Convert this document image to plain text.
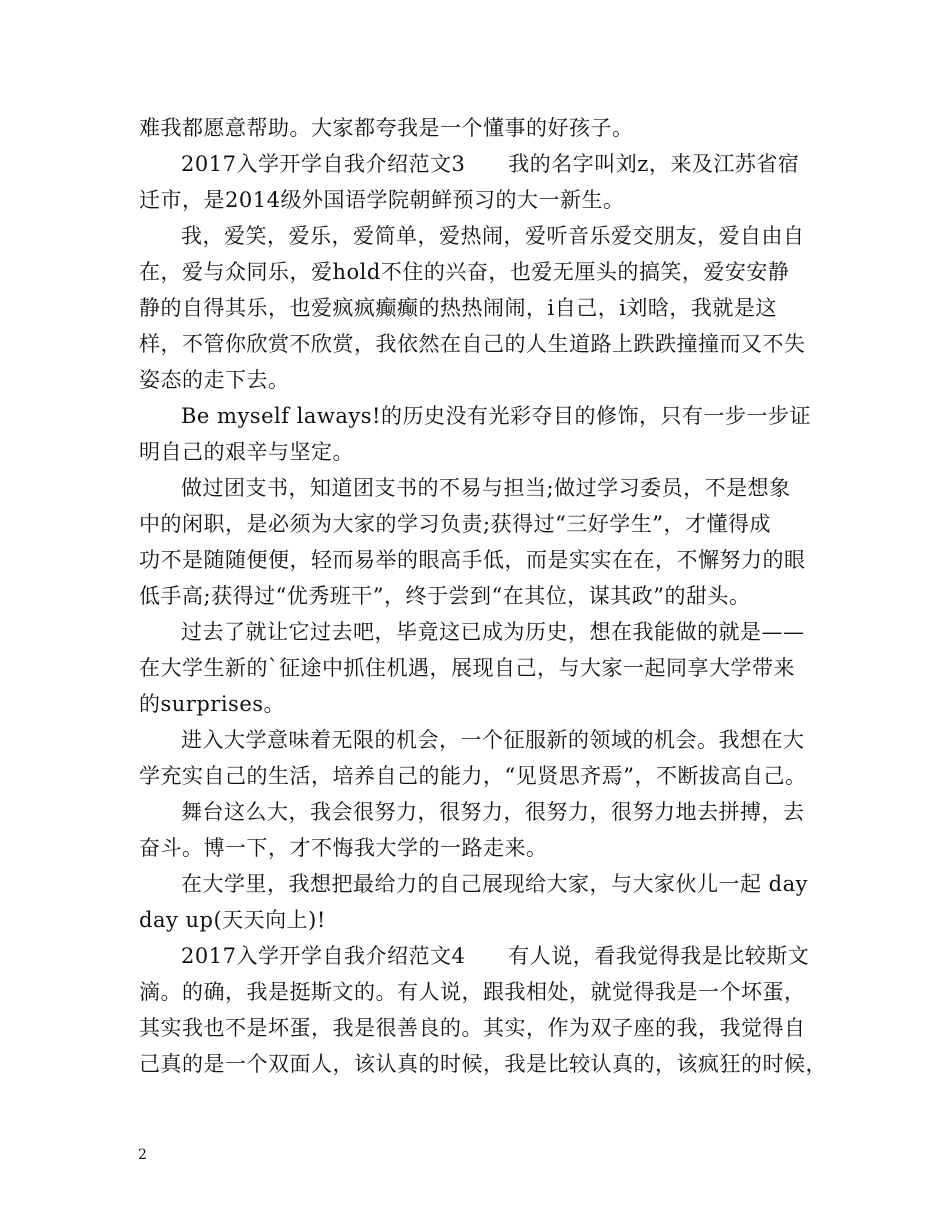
难我都愿意帮助。大家都夸我是一个懂事的好孩子。
2017入学开学自我介绍范文3　　我的名字叫刘z，来及江苏省宿
迁市，是2014级外国语学院朝鲜预习的大一新生。
我，爱笑，爱乐，爱简单，爱热闹，爱听音乐爱交朋友，爱自由自
在，爱与众同乐，爱hold不住的兴奋，也爱无厘头的搞笑，爱安安静
静的自得其乐，也爱疯疯癫癫的热热闹闹，i自己，i刘晗，我就是这
样，不管你欣赏不欣赏，我依然在自己的人生道路上跌跌撞撞而又不失
姿态的走下去。
Be myself laways!的历史没有光彩夺目的修饰，只有一步一步证
明自己的艰辛与坚定。
做过团支书，知道团支书的不易与担当;做过学习委员，不是想象
中的闲职，是必须为大家的学习负责;获得过“三好学生”，才懂得成
功不是随随便便，轻而易举的眼高手低，而是实实在在，不懈努力的眼
低手高;获得过“优秀班干”，终于尝到“在其位，谋其政”的甜头。
过去了就让它过去吧，毕竟这已成为历史，想在我能做的就是——
在大学生新的`征途中抓住机遇，展现自己，与大家一起同享大学带来
的surprises。
进入大学意味着无限的机会，一个征服新的领域的机会。我想在大
学充实自己的生活，培养自己的能力，“见贤思齐焉”，不断拔高自己。
舞台这么大，我会很努力，很努力，很努力，很努力地去拼搏，去
奋斗。博一下，才不悔我大学的一路走来。
在大学里，我想把最给力的自己展现给大家，与大家伙儿一起 day
day up(天天向上)!
2017入学开学自我介绍范文4　　有人说，看我觉得我是比较斯文
滴。的确，我是挺斯文的。有人说，跟我相处，就觉得我是一个坏蛋，
其实我也不是坏蛋，我是很善良的。其实，作为双子座的我，我觉得自
己真的是一个双面人，该认真的时候，我是比较认真的，该疯狂的时候，
2
